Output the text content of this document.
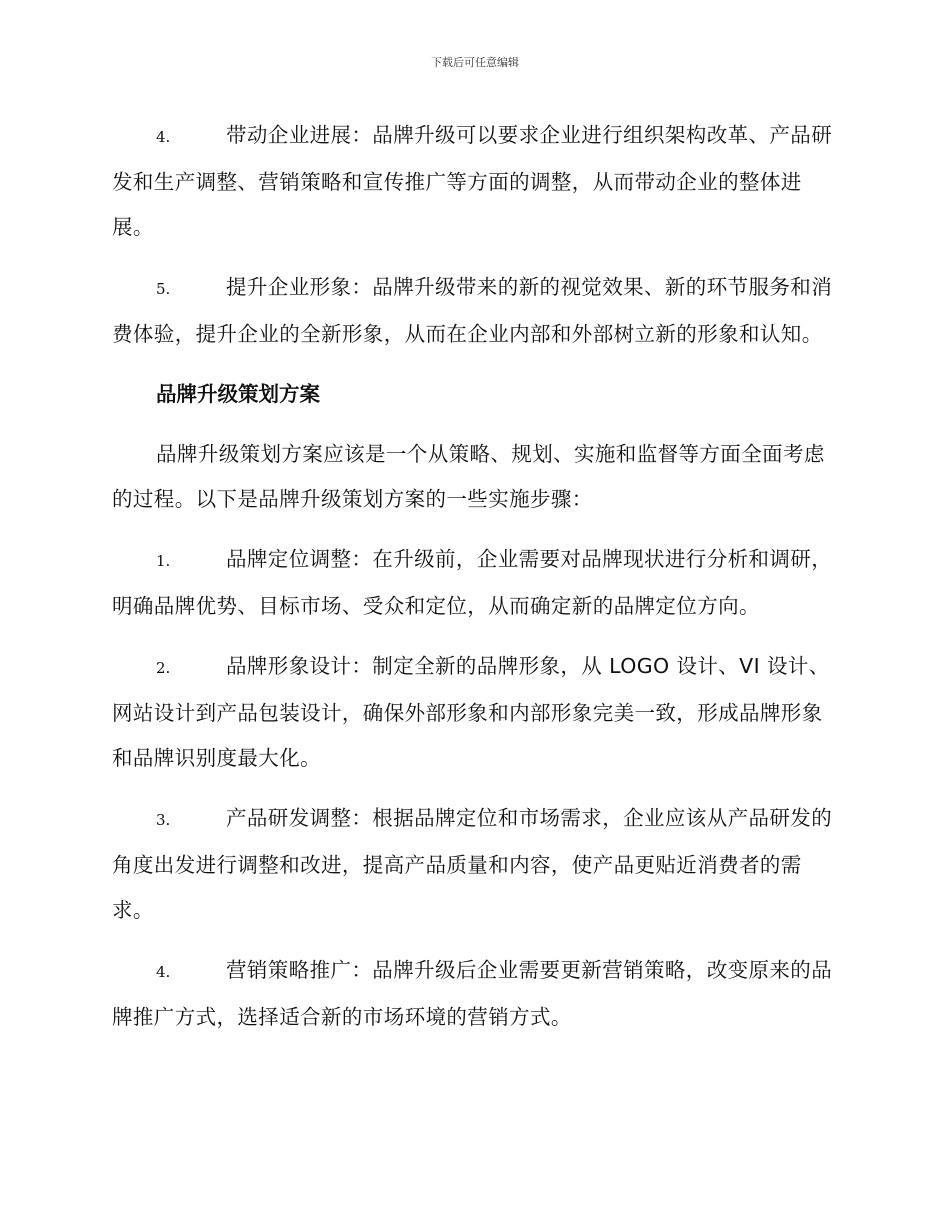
下载后可任意编辑

4.	带动企业进展：品牌升级可以要求企业进行组织架构改革、产品研发和生产调整、营销策略和宣传推广等方面的调整，从而带动企业的整体进展。

5.	提升企业形象：品牌升级带来的新的视觉效果、新的环节服务和消费体验，提升企业的全新形象，从而在企业内部和外部树立新的形象和认知。

品牌升级策划方案

品牌升级策划方案应该是一个从策略、规划、实施和监督等方面全面考虑的过程。以下是品牌升级策划方案的一些实施步骤：

1.	品牌定位调整：在升级前，企业需要对品牌现状进行分析和调研，明确品牌优势、目标市场、受众和定位，从而确定新的品牌定位方向。

2.	品牌形象设计：制定全新的品牌形象，从 LOGO 设计、VI 设计、网站设计到产品包装设计，确保外部形象和内部形象完美一致，形成品牌形象和品牌识别度最大化。

3.	产品研发调整：根据品牌定位和市场需求，企业应该从产品研发的角度出发进行调整和改进，提高产品质量和内容，使产品更贴近消费者的需求。

4.	营销策略推广：品牌升级后企业需要更新营销策略，改变原来的品牌推广方式，选择适合新的市场环境的营销方式。
